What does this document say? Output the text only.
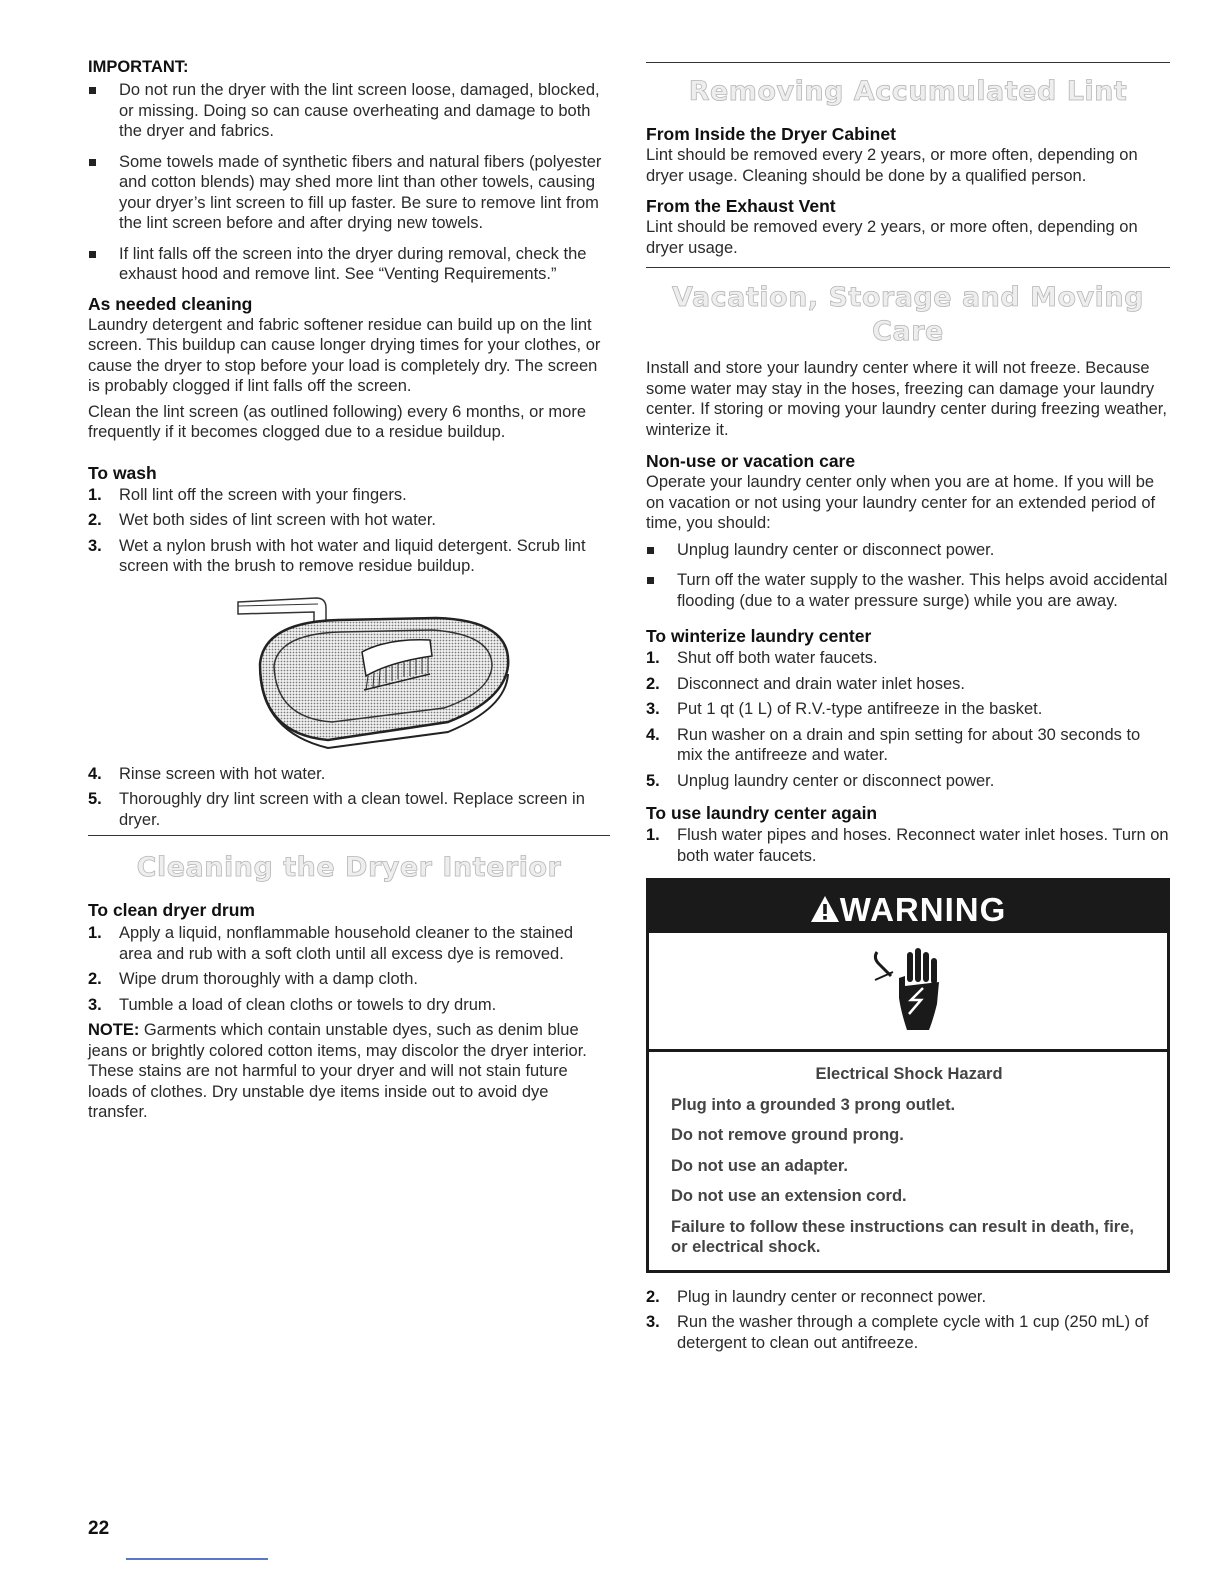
IMPORTANT:

Do not run the dryer with the lint screen loose, damaged, blocked, or missing. Doing so can cause overheating and damage to both the dryer and fabrics.
Some towels made of synthetic fibers and natural fibers (polyester and cotton blends) may shed more lint than other towels, causing your dryer’s lint screen to fill up faster. Be sure to remove lint from the lint screen before and after drying new towels.
If lint falls off the screen into the dryer during removal, check the exhaust hood and remove lint. See “Venting Requirements.”

As needed cleaning

Laundry detergent and fabric softener residue can build up on the lint screen. This buildup can cause longer drying times for your clothes, or cause the dryer to stop before your load is completely dry. The screen is probably clogged if lint falls off the screen.

Clean the lint screen (as outlined following) every 6 months, or more frequently if it becomes clogged due to a residue buildup.

To wash

1. Roll lint off the screen with your fingers.
2. Wet both sides of lint screen with hot water.
3. Wet a nylon brush with hot water and liquid detergent. Scrub lint screen with the brush to remove residue buildup.
4. Rinse screen with hot water.
5. Thoroughly dry lint screen with a clean towel. Replace screen in dryer.
Cleaning the Dryer Interior

To clean dryer drum

1. Apply a liquid, nonflammable household cleaner to the stained area and rub with a soft cloth until all excess dye is removed.
2. Wipe drum thoroughly with a damp cloth.
3. Tumble a load of clean cloths or towels to dry drum.

NOTE: Garments which contain unstable dyes, such as denim blue jeans or brightly colored cotton items, may discolor the dryer interior. These stains are not harmful to your dryer and will not stain future loads of clothes. Dry unstable dye items inside out to avoid dye transfer.

Removing Accumulated Lint

From Inside the Dryer Cabinet

Lint should be removed every 2 years, or more often, depending on dryer usage. Cleaning should be done by a qualified person.

From the Exhaust Vent

Lint should be removed every 2 years, or more often, depending on dryer usage.

Vacation, Storage and Moving Care

Install and store your laundry center where it will not freeze. Because some water may stay in the hoses, freezing can damage your laundry center. If storing or moving your laundry center during freezing weather, winterize it.

Non-use or vacation care

Operate your laundry center only when you are at home. If you will be on vacation or not using your laundry center for an extended period of time, you should:

Unplug laundry center or disconnect power.
Turn off the water supply to the washer. This helps avoid accidental flooding (due to a water pressure surge) while you are away.

To winterize laundry center

1. Shut off both water faucets.
2. Disconnect and drain water inlet hoses.
3. Put 1 qt (1 L) of R.V.-type antifreeze in the basket.
4. Run washer on a drain and spin setting for about 30 seconds to mix the antifreeze and water.
5. Unplug laundry center or disconnect power.

To use laundry center again

1. Flush water pipes and hoses. Reconnect water inlet hoses. Turn on both water faucets.
WARNING
Electrical Shock Hazard
Plug into a grounded 3 prong outlet.
Do not remove ground prong.
Do not use an adapter.
Do not use an extension cord.
Failure to follow these instructions can result in death, fire, or electrical shock.
2. Plug in laundry center or reconnect power.
3. Run the washer through a complete cycle with 1 cup (250 mL) of detergent to clean out antifreeze.
22
